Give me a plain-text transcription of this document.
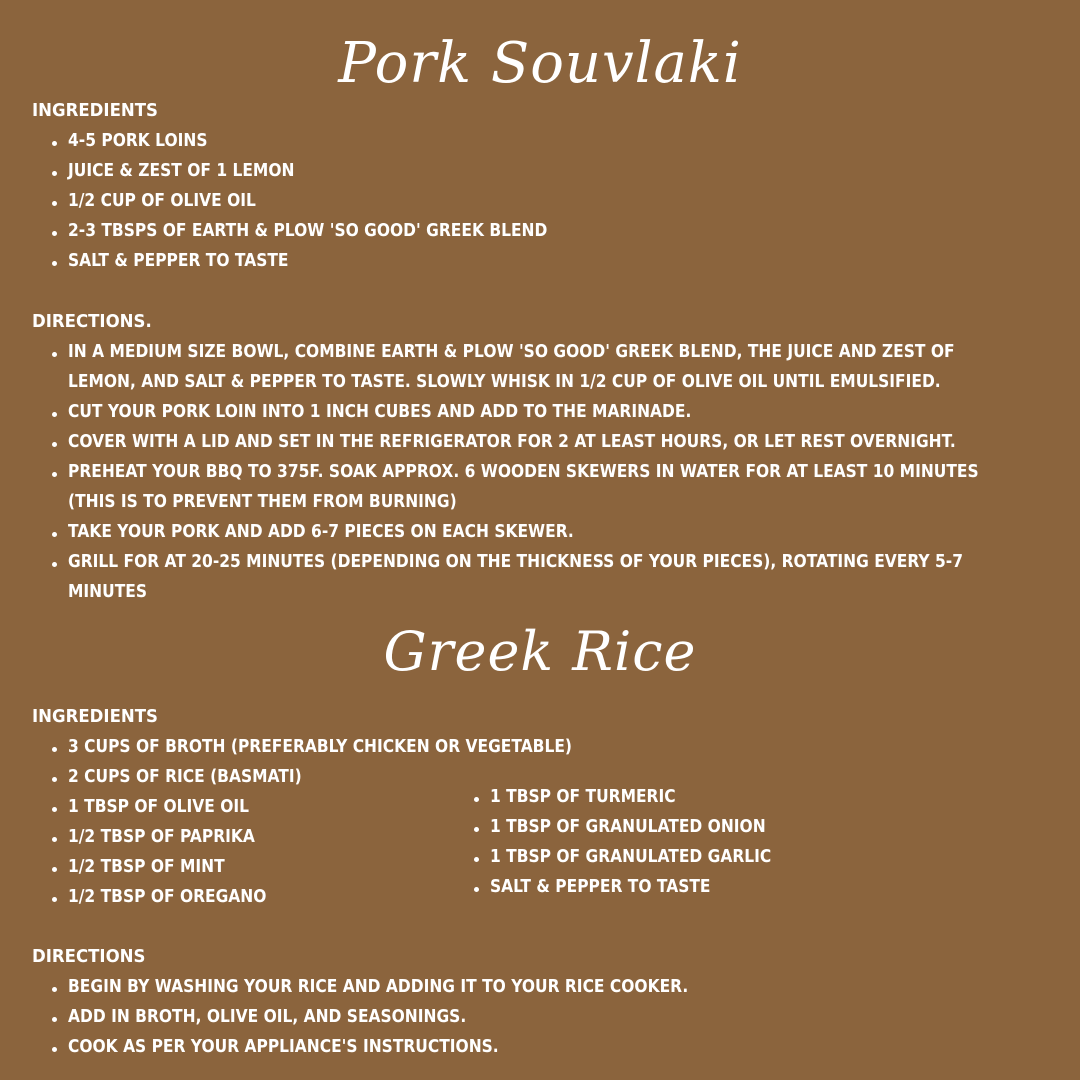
Pork Souvlaki
INGREDIENTS
4-5 PORK LOINS
JUICE & ZEST OF 1 LEMON
1/2 CUP OF OLIVE OIL
2-3 TBSPS OF EARTH & PLOW 'SO GOOD' GREEK BLEND
SALT & PEPPER TO TASTE
DIRECTIONS.
IN A MEDIUM SIZE BOWL, COMBINE EARTH & PLOW 'SO GOOD' GREEK BLEND, THE JUICE AND ZEST OF LEMON, AND SALT & PEPPER TO TASTE. SLOWLY WHISK IN 1/2 CUP OF OLIVE OIL UNTIL EMULSIFIED.
CUT YOUR PORK LOIN INTO 1 INCH CUBES AND ADD TO THE MARINADE.
COVER WITH A LID AND SET IN THE REFRIGERATOR FOR 2 AT LEAST HOURS, OR LET REST OVERNIGHT.
PREHEAT YOUR BBQ TO 375F. SOAK APPROX. 6 WOODEN SKEWERS IN WATER FOR AT LEAST 10 MINUTES (THIS IS TO PREVENT THEM FROM BURNING)
TAKE YOUR PORK AND ADD 6-7 PIECES ON EACH SKEWER.
GRILL FOR AT 20-25 MINUTES (DEPENDING ON THE THICKNESS OF YOUR PIECES), ROTATING EVERY 5-7 MINUTES
Greek Rice
INGREDIENTS
3 CUPS OF BROTH (PREFERABLY CHICKEN OR VEGETABLE)
2 CUPS OF RICE (BASMATI)
1 TBSP OF OLIVE OIL
1/2 TBSP OF PAPRIKA
1/2 TBSP OF MINT
1/2 TBSP OF OREGANO
1 TBSP OF TURMERIC
1 TBSP OF GRANULATED ONION
1 TBSP OF GRANULATED GARLIC
SALT & PEPPER TO TASTE
DIRECTIONS
BEGIN BY WASHING YOUR RICE AND ADDING IT TO YOUR RICE COOKER.
ADD IN BROTH, OLIVE OIL, AND SEASONINGS.
COOK AS PER YOUR APPLIANCE'S INSTRUCTIONS.
